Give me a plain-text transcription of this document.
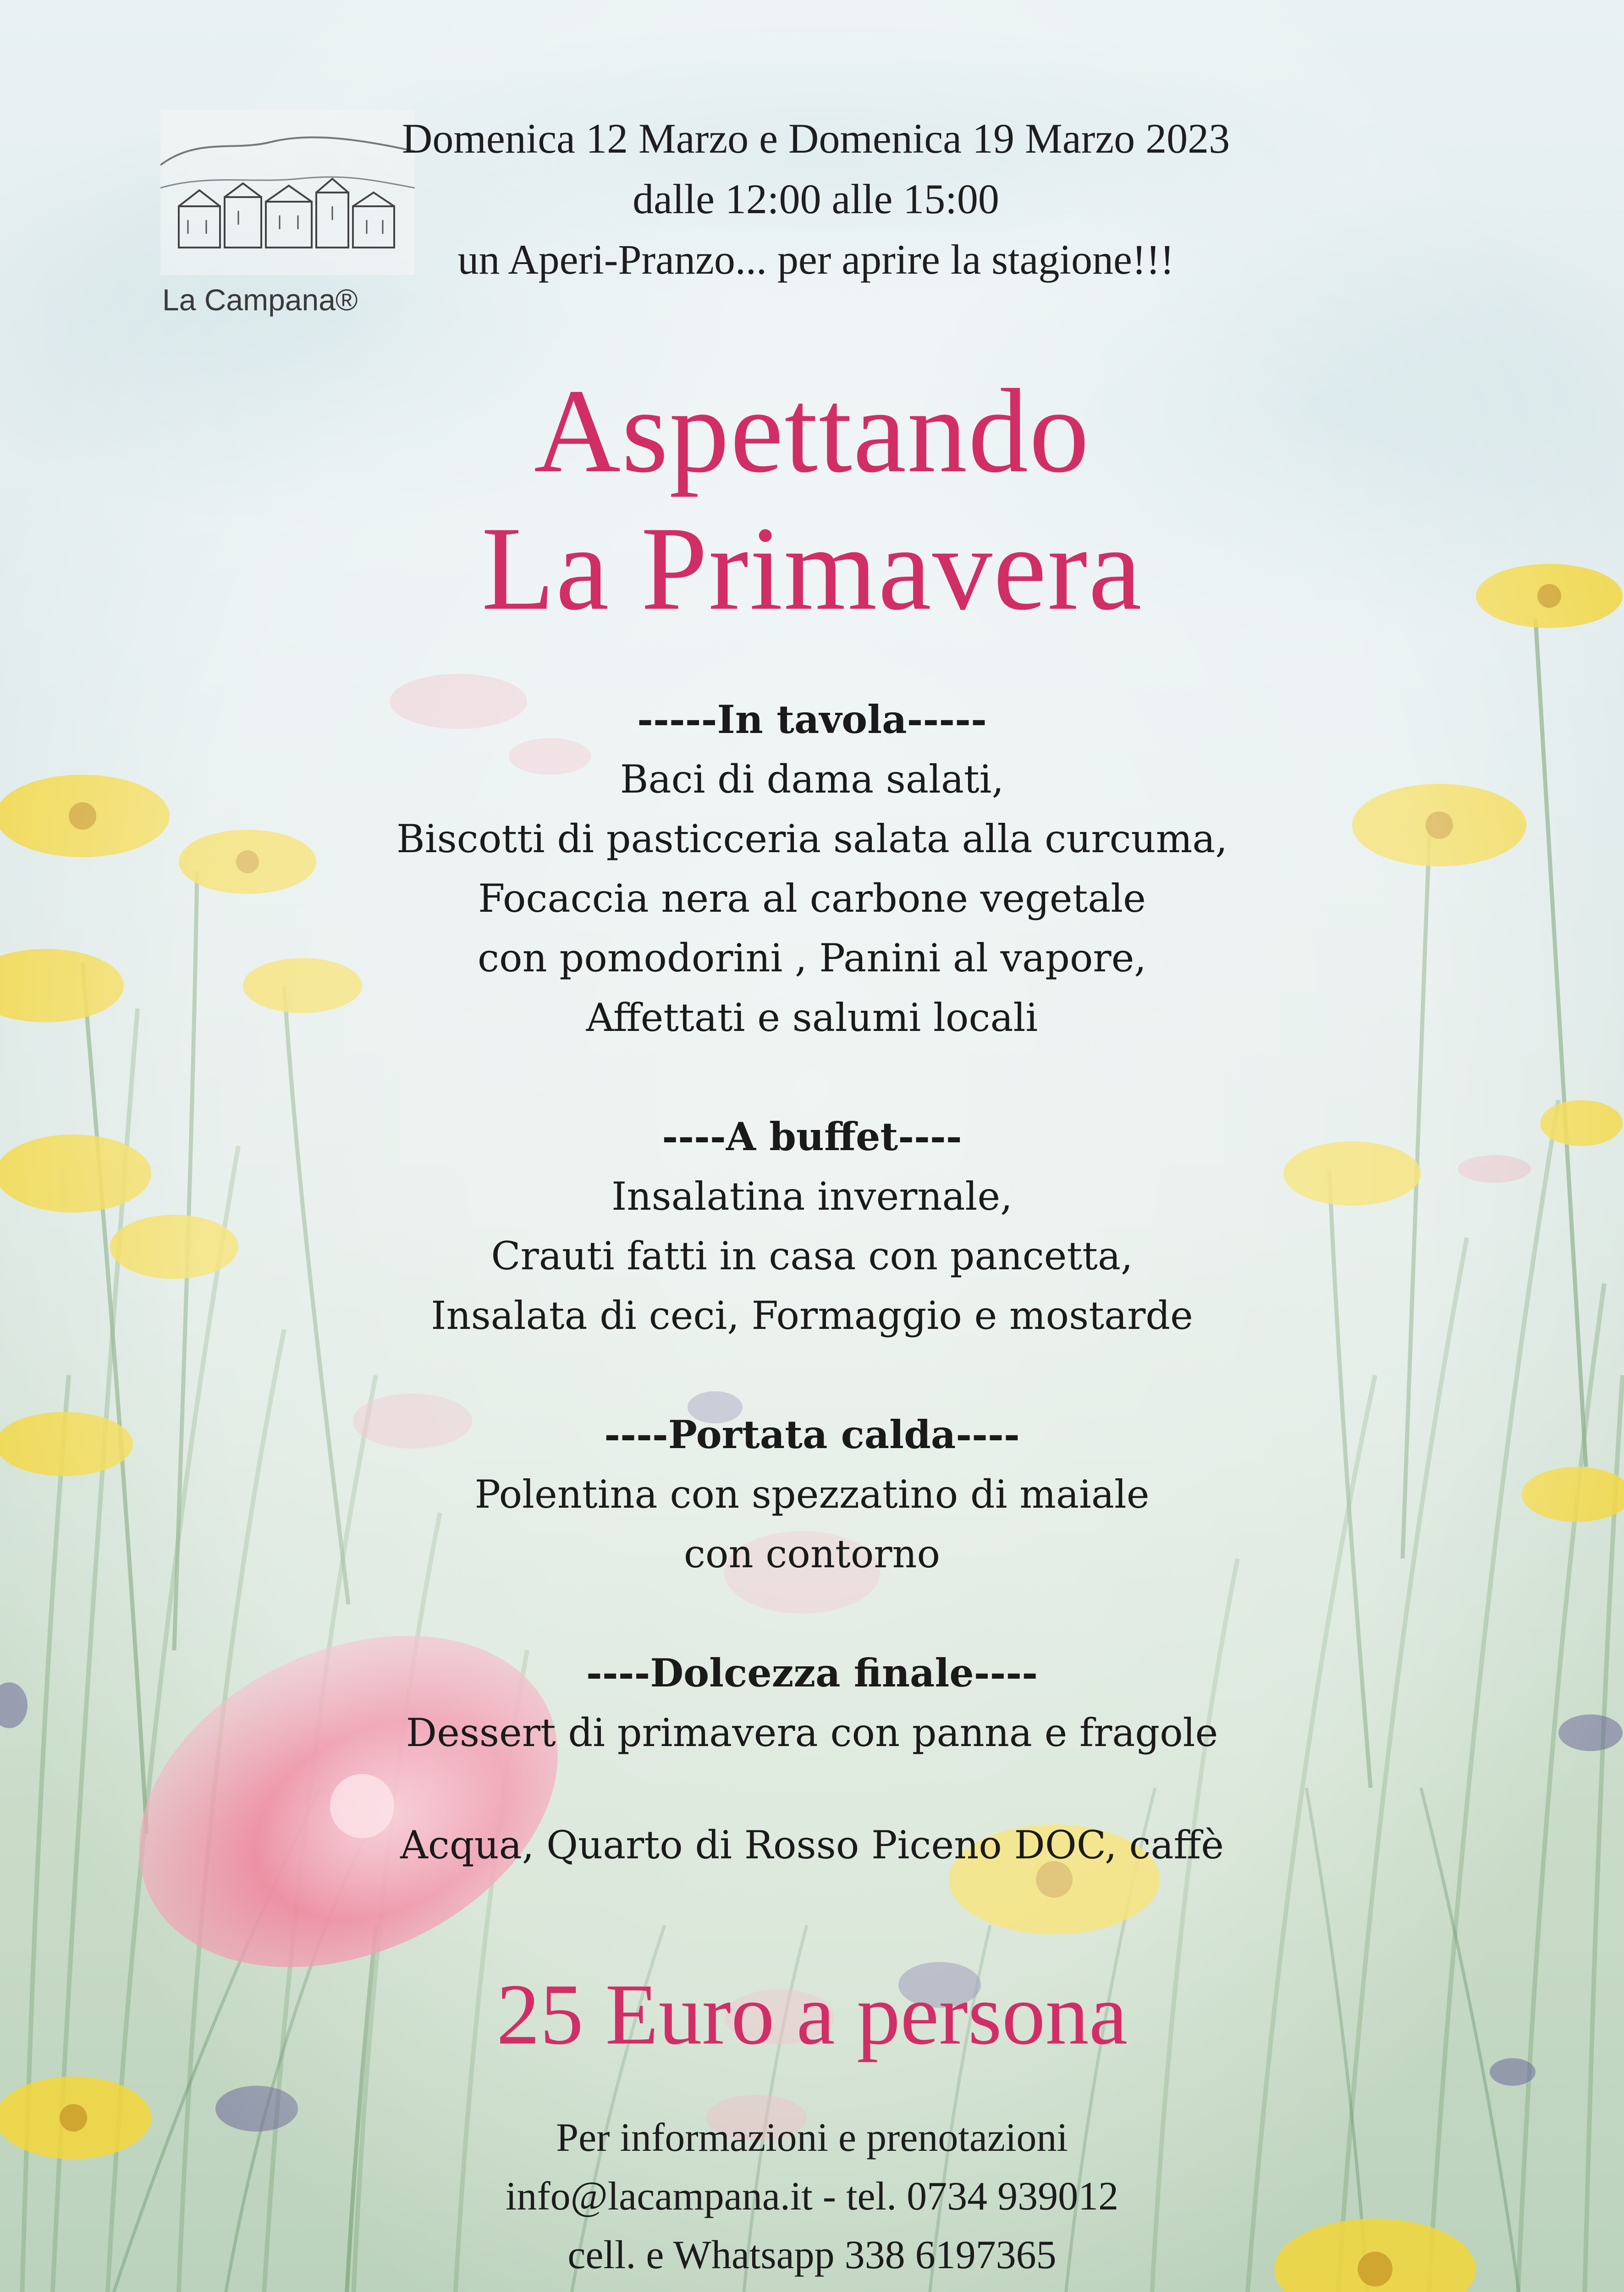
La Campana®
Domenica 12 Marzo e Domenica 19 Marzo 2023
dalle 12:00 alle 15:00
un Aperi-Pranzo... per aprire la stagione!!!
Aspettando
La Primavera
-----In tavola-----
Baci di dama salati,
Biscotti di pasticceria salata alla curcuma,
Focaccia nera al carbone vegetale
con pomodorini , Panini al vapore,
Affettati e salumi locali
----A buffet----
Insalatina invernale,
Crauti fatti in casa con pancetta,
Insalata di ceci, Formaggio e mostarde
----Portata calda----
Polentina con spezzatino di maiale
con contorno
----Dolcezza finale----
Dessert di primavera con panna e fragole
Acqua, Quarto di Rosso Piceno DOC, caffè
25 Euro a persona
Per informazioni e prenotazioni
info@lacampana.it - tel. 0734 939012
cell. e Whatsapp 338 6197365
